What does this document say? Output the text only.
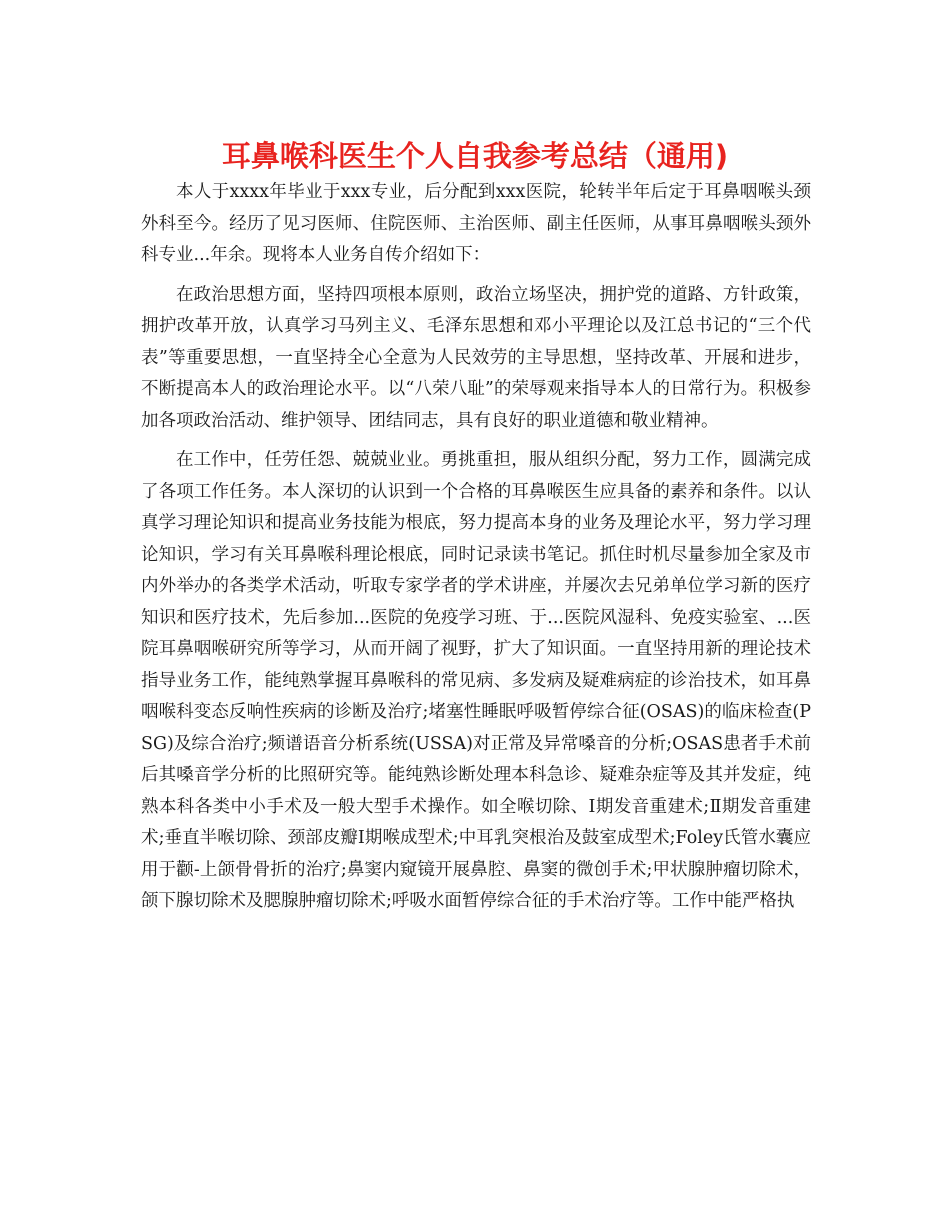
耳鼻喉科医生个人自我参考总结（通用)

本人于xxxx年毕业于xxx专业，后分配到xxx医院，轮转半年后定于耳鼻咽喉头颈外科至今。经历了见习医师、住院医师、主治医师、副主任医师，从事耳鼻咽喉头颈外科专业...年余。现将本人业务自传介绍如下：

在政治思想方面，坚持四项根本原则，政治立场坚决，拥护党的道路、方针政策，拥护改革开放，认真学习马列主义、毛泽东思想和邓小平理论以及江总书记的“三个代表”等重要思想，一直坚持全心全意为人民效劳的主导思想，坚持改革、开展和进步，不断提高本人的政治理论水平。以“八荣八耻”的荣辱观来指导本人的日常行为。积极参加各项政治活动、维护领导、团结同志，具有良好的职业道德和敬业精神。

在工作中，任劳任怨、兢兢业业。勇挑重担，服从组织分配，努力工作，圆满完成了各项工作任务。本人深切的认识到一个合格的耳鼻喉医生应具备的素养和条件。以认真学习理论知识和提高业务技能为根底，努力提高本身的业务及理论水平，努力学习理论知识，学习有关耳鼻喉科理论根底，同时记录读书笔记。抓住时机尽量参加全家及市内外举办的各类学术活动，听取专家学者的学术讲座，并屡次去兄弟单位学习新的医疗知识和医疗技术，先后参加...医院的免疫学习班、于...医院风湿科、免疫实验室、...医院耳鼻咽喉研究所等学习，从而开阔了视野，扩大了知识面。一直坚持用新的理论技术指导业务工作，能纯熟掌握耳鼻喉科的常见病、多发病及疑难病症的诊治技术，如耳鼻咽喉科变态反响性疾病的诊断及治疗;堵塞性睡眠呼吸暂停综合征(OSAS)的临床检查(PSG)及综合治疗;频谱语音分析系统(USSA)对正常及异常嗓音的分析;OSAS患者手术前后其嗓音学分析的比照研究等。能纯熟诊断处理本科急诊、疑难杂症等及其并发症，纯熟本科各类中小手术及一般大型手术操作。如全喉切除、Ⅰ期发音重建术;Ⅱ期发音重建术;垂直半喉切除、颈部皮瓣Ⅰ期喉成型术;中耳乳突根治及鼓室成型术;Foley氏管水囊应用于颧-上颌骨骨折的治疗;鼻窦内窥镜开展鼻腔、鼻窦的微创手术;甲状腺肿瘤切除术，颌下腺切除术及腮腺肿瘤切除术;呼吸水面暂停综合征的手术治疗等。工作中能严格执
